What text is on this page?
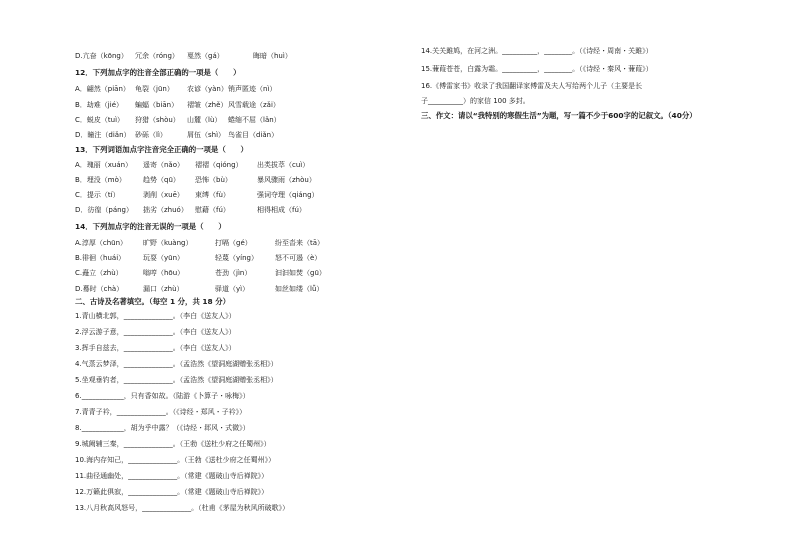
D.亢奋（kōng） 冗余（róng） 戛然（gá）	晦暗（huì）
12．下列加点字的注音全部正确的一项是（　　）
A．翩然（piān） 龟裂（jūn） 农谚（yàn） 销声匿迹（nì）
B．劫难（jié） 蝙蝠（biān） 褶皱（zhě） 风雪载途（zǎi）
C．蜕皮（tuì） 狩猎（shòu） 山麓（lù） 蜷缩不屈（lǎn）
D．瞳注（diǎn） 砂砾（lì）	屑伍（shì） 鸟雀目（diǎn）
13．下列词语加点字注音完全正确的一项是（　　）
A．瑰丽（xuán） 遥寄（nǎo） 褶褶（qióng） 出类拔萃（cuì）
B．埋没（mò） 趋势（qū） 恐怖（bù）	暴风骤雨（zhòu）
C．提示（tí）	剥削（xuē） 束缚（fù）	强词夺理（qiáng）
D．彷徨（páng） 拙劣（zhuó） 慰藉（fú）	相得相成（fú）
14．下列加点字的注音无误的一项是（　　）
A.淳厚（chūn） 旷野（kuàng）	打嗝（gé）	纷至沓来（tā）
B.徘徊（huái）	玩耍（yūn）	轻蔑（yíng） 怒不可遏（è）
C.矗立（zhù）	嗡哼（hōu）	苍劲（jìn）	汩汩如焚（gū）
D.蓦时（chà）	漏口（zhù）	驿道（yì）	如丝如缕（lǚ）
二、古诗及名著填空。（每空 1 分，共 18 分）
1.青山横北郭，______________。（李白《送友人》）
2.浮云游子意，______________。（李白《送友人》）
3.挥手自兹去，______________。（李白《送友人》）
4.气蒸云梦泽，______________。（孟浩然《望洞庭湖赠张丞相》）
5.坐观垂钓者，______________。（孟浩然《望洞庭湖赠张丞相》）
6.____________，只有香如故。（陆游《卜算子・咏梅》）
7.青青子衿，______________。（《诗经・郑风・子衿》）
8.____________，胡为乎中露？（《诗经・邶风・式微》）
9.城阙辅三秦，______________。（王勃《送杜少府之任蜀州》）
10.海内存知己，______________。（王勃《送杜少府之任蜀州》）
11.曲径通幽处，______________。（常建《题破山寺后禅院》）
12.万籁此俱寂，______________。（常建《题破山寺后禅院》）
13.八月秋高风怒号，______________。（杜甫《茅屋为秋风所破歌》）
14.关关雎鸠，在河之洲。__________，________。（《诗经・周南・关雎》）
15.蒹葭苍苍，白露为霜。__________，________。（《诗经・秦风・蒹葭》）
16.《傅雷家书》收录了我国翻译家傅雷及夫人写给两个儿子（主要是长
子__________）的家信 100 多封。
三、作文：请以“我特别的寒假生活”为题，写一篇不少于600字的记叙文。（40分）
